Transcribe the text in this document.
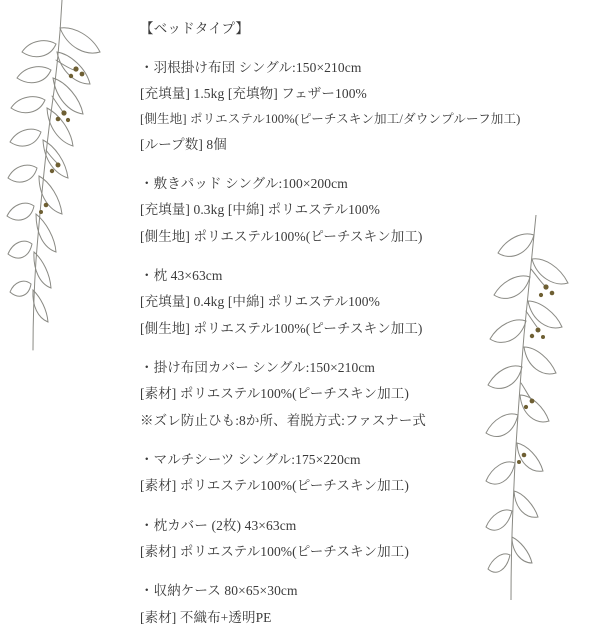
【ベッドタイプ】
・羽根掛け布団 シングル:150×210cm
[充填量] 1.5kg [充填物] フェザー100%
[側生地] ポリエステル100%(ピーチスキン加工/ダウンプルーフ加工)
[ループ数] 8個
・敷きパッド シングル:100×200cm
[充填量] 0.3kg [中綿] ポリエステル100%
[側生地] ポリエステル100%(ピーチスキン加工)
・枕 43×63cm
[充填量] 0.4kg [中綿] ポリエステル100%
[側生地] ポリエステル100%(ピーチスキン加工)
・掛け布団カバー シングル:150×210cm
[素材] ポリエステル100%(ピーチスキン加工)
※ズレ防止ひも:8か所、着脱方式:ファスナー式
・マルチシーツ シングル:175×220cm
[素材] ポリエステル100%(ピーチスキン加工)
・枕カバー (2枚) 43×63cm
[素材] ポリエステル100%(ピーチスキン加工)
・収納ケース 80×65×30cm
[素材] 不織布+透明PE
